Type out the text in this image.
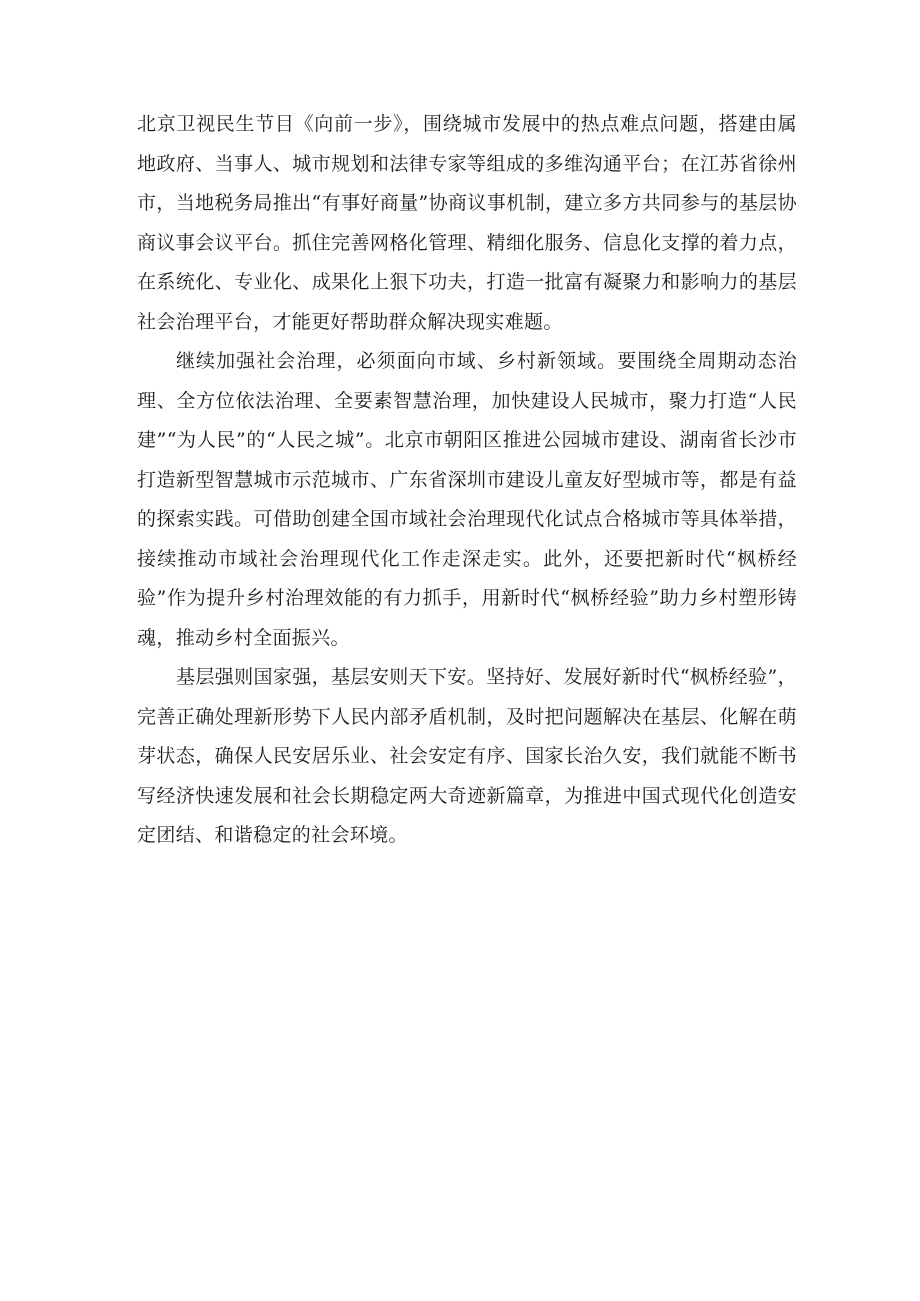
北京卫视民生节目《向前一步》，围绕城市发展中的热点难点问题，搭建由属地政府、当事人、城市规划和法律专家等组成的多维沟通平台；在江苏省徐州市，当地税务局推出“有事好商量”协商议事机制，建立多方共同参与的基层协商议事会议平台。抓住完善网格化管理、精细化服务、信息化支撑的着力点，在系统化、专业化、成果化上狠下功夫，打造一批富有凝聚力和影响力的基层社会治理平台，才能更好帮助群众解决现实难题。

继续加强社会治理，必须面向市域、乡村新领域。要围绕全周期动态治理、全方位依法治理、全要素智慧治理，加快建设人民城市，聚力打造“人民建”“为人民”的“人民之城”。北京市朝阳区推进公园城市建设、湖南省长沙市打造新型智慧城市示范城市、广东省深圳市建设儿童友好型城市等，都是有益的探索实践。可借助创建全国市域社会治理现代化试点合格城市等具体举措，接续推动市域社会治理现代化工作走深走实。此外，还要把新时代“枫桥经验”作为提升乡村治理效能的有力抓手，用新时代“枫桥经验”助力乡村塑形铸魂，推动乡村全面振兴。

基层强则国家强，基层安则天下安。坚持好、发展好新时代“枫桥经验”，完善正确处理新形势下人民内部矛盾机制，及时把问题解决在基层、化解在萌芽状态，确保人民安居乐业、社会安定有序、国家长治久安，我们就能不断书写经济快速发展和社会长期稳定两大奇迹新篇章，为推进中国式现代化创造安定团结、和谐稳定的社会环境。
